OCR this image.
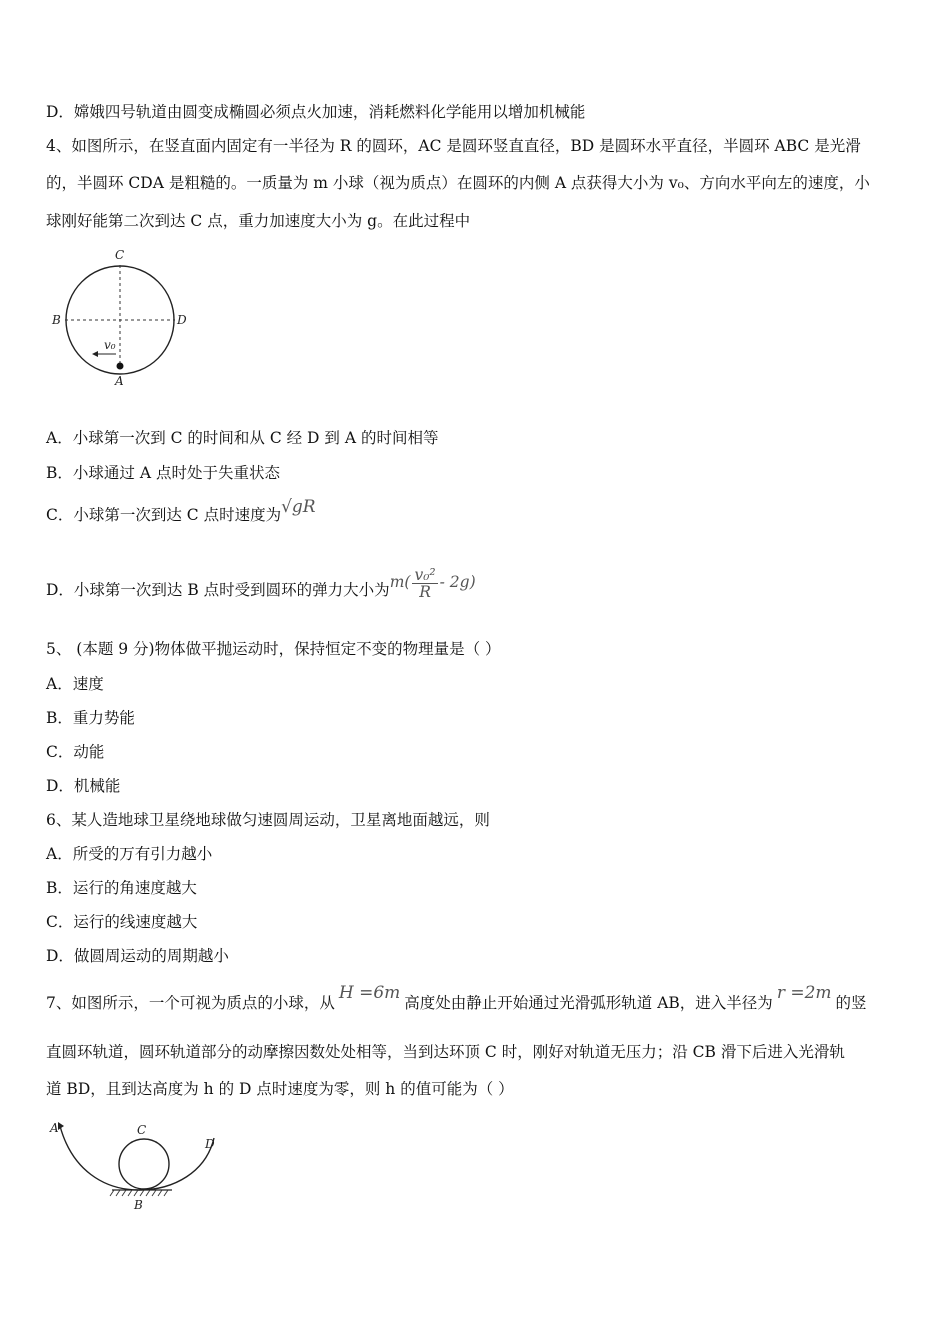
D．嫦娥四号轨道由圆变成椭圆必须点火加速，消耗燃料化学能用以增加机械能
4、如图所示，在竖直面内固定有一半径为 R 的圆环，AC 是圆环竖直直径，BD 是圆环水平直径，半圆环 ABC 是光滑
的，半圆环 CDA 是粗糙的。一质量为 m 小球（视为质点）在圆环的内侧 A 点获得大小为 v₀、方向水平向左的速度，小
球刚好能第二次到达 C 点，重力加速度大小为 g。在此过程中
C
B	D
A
v₀
A．小球第一次到 C 的时间和从 C 经 D 到 A 的时间相等
B．小球通过 A 点时处于失重状态
C．小球第一次到达 C 点时速度为√gR
D．小球第一次到达 B 点时受到圆环的弹力大小为$m( \frac{\text{v₀²}}{R} - 2g)$
5、 (本题 9 分)物体做平抛运动时，保持恒定不变的物理量是（ ）
A．速度
B．重力势能
C．动能
D．机械能
6、某人造地球卫星绕地球做匀速圆周运动，卫星离地面越远，则
A．所受的万有引力越小
B．运行的角速度越大
C．运行的线速度越大
D．做圆周运动的周期越小
7、如图所示，一个可视为质点的小球，从 H =6m 高度处由静止开始通过光滑弧形轨道 AB，进入半径为 r =2m 的竖
直圆环轨道，圆环轨道部分的动摩擦因数处处相等，当到达环顶 C 时，刚好对轨道无压力；沿 CB 滑下后进入光滑轨
道 BD，且到达高度为 h 的 D 点时速度为零，则 h 的值可能为（ ）
A	C
D
B
